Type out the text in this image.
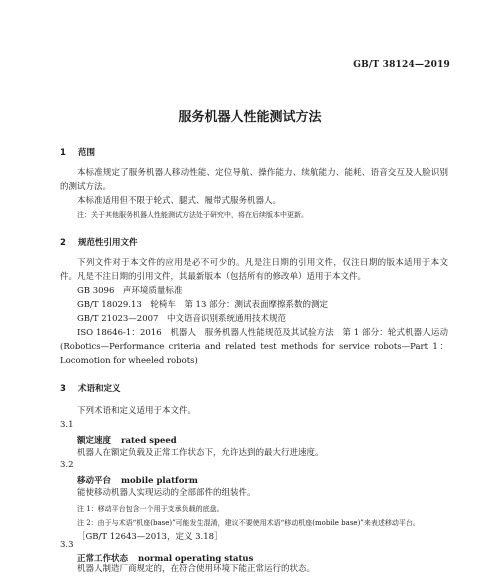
GB/T 38124—2019
服务机器人性能测试方法
1 范围
本标准规定了服务机器人移动性能、定位导航、操作能力、续航能力、能耗、语音交互及人脸识别的测试方法。
本标准适用但不限于轮式、腿式、履带式服务机器人。
注：关于其他服务机器人性能测试方法处于研究中，将在后续版本中更新。
2 规范性引用文件
下列文件对于本文件的应用是必不可少的。凡是注日期的引用文件，仅注日期的版本适用于本文件。凡是不注日期的引用文件，其最新版本（包括所有的修改单）适用于本文件。
GB 3096　声环境质量标准
GB/T 18029.13　轮椅车　第 13 部分：测试表面摩擦系数的测定
GB/T 21023—2007　中文语音识别系统通用技术规范
ISO 18646-1：2016　机器人　服务机器人性能规范及其试验方法　第 1 部分：轮式机器人运动(Robotics—Performance criteria and related test methods for service robots—Part 1：Locomotion for wheeled robots)
3 术语和定义
下列术语和定义适用于本文件。
3.1
额定速度 rated speed
机器人在额定负载及正常工作状态下，允许达到的最大行进速度。
3.2
移动平台 mobile platform
能使移动机器人实现运动的全部部件的组装件。
注 1：移动平台包含一个用于支承负载的底盘。
注 2：由于与术语“机座(base)”可能发生混淆，建议不要使用术语“移动机座(mobile base)”来表述移动平台。
［GB/T 12643—2013，定义 3.18］
3.3
正常工作状态 normal operating status
机器人制造厂商规定的，在符合使用环境下能正常运行的状态。
